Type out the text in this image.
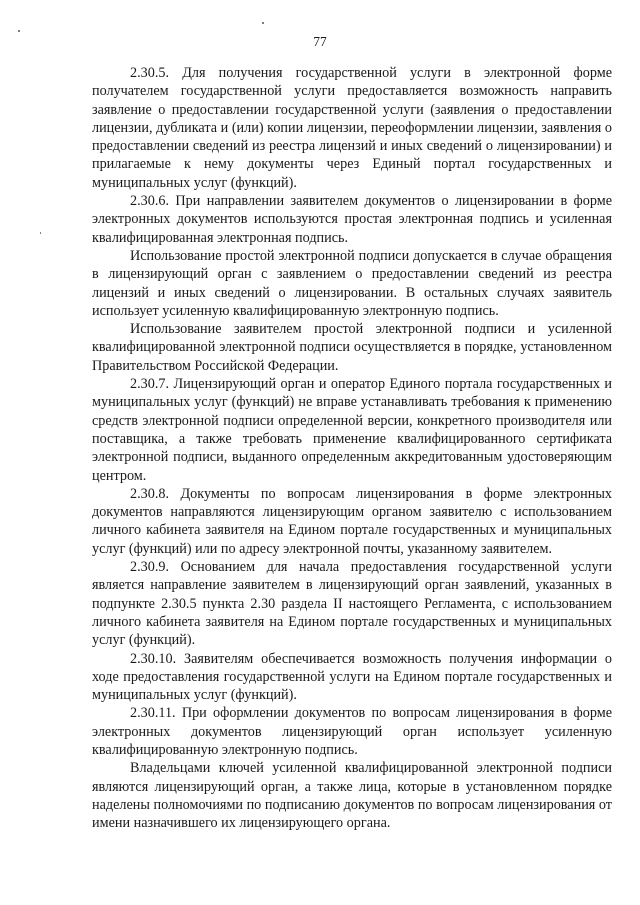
77

2.30.5. Для получения государственной услуги в электронной форме получателем государственной услуги предоставляется возможность направить заявление о предоставлении государственной услуги (заявления о предоставлении лицензии, дубликата и (или) копии лицензии, переоформлении лицензии, заявления о предоставлении сведений из реестра лицензий и иных сведений о лицензировании) и прилагаемые к нему документы через Единый портал государственных и муниципальных услуг (функций).

2.30.6. При направлении заявителем документов о лицензировании в форме электронных документов используются простая электронная подпись и усиленная квалифицированная электронная подпись.

Использование простой электронной подписи допускается в случае обращения в лицензирующий орган с заявлением о предоставлении сведений из реестра лицензий и иных сведений о лицензировании. В остальных случаях заявитель использует усиленную квалифицированную электронную подпись.

Использование заявителем простой электронной подписи и усиленной квалифицированной электронной подписи осуществляется в порядке, установленном Правительством Российской Федерации.

2.30.7. Лицензирующий орган и оператор Единого портала государственных и муниципальных услуг (функций) не вправе устанавливать требования к применению средств электронной подписи определенной версии, конкретного производителя или поставщика, а также требовать применение квалифицированного сертификата электронной подписи, выданного определенным аккредитованным удостоверяющим центром.

2.30.8. Документы по вопросам лицензирования в форме электронных документов направляются лицензирующим органом заявителю с использованием личного кабинета заявителя на Едином портале государственных и муниципальных услуг (функций) или по адресу электронной почты, указанному заявителем.

2.30.9. Основанием для начала предоставления государственной услуги является направление заявителем в лицензирующий орган заявлений, указанных в подпункте 2.30.5 пункта 2.30 раздела II настоящего Регламента, с использованием личного кабинета заявителя на Едином портале государственных и муниципальных услуг (функций).

2.30.10. Заявителям обеспечивается возможность получения информации о ходе предоставления государственной услуги на Едином портале государственных и муниципальных услуг (функций).

2.30.11. При оформлении документов по вопросам лицензирования в форме электронных документов лицензирующий орган использует усиленную квалифицированную электронную подпись.

Владельцами ключей усиленной квалифицированной электронной подписи являются лицензирующий орган, а также лица, которые в установленном порядке наделены полномочиями по подписанию документов по вопросам лицензирования от имени назначившего их лицензирующего органа.
